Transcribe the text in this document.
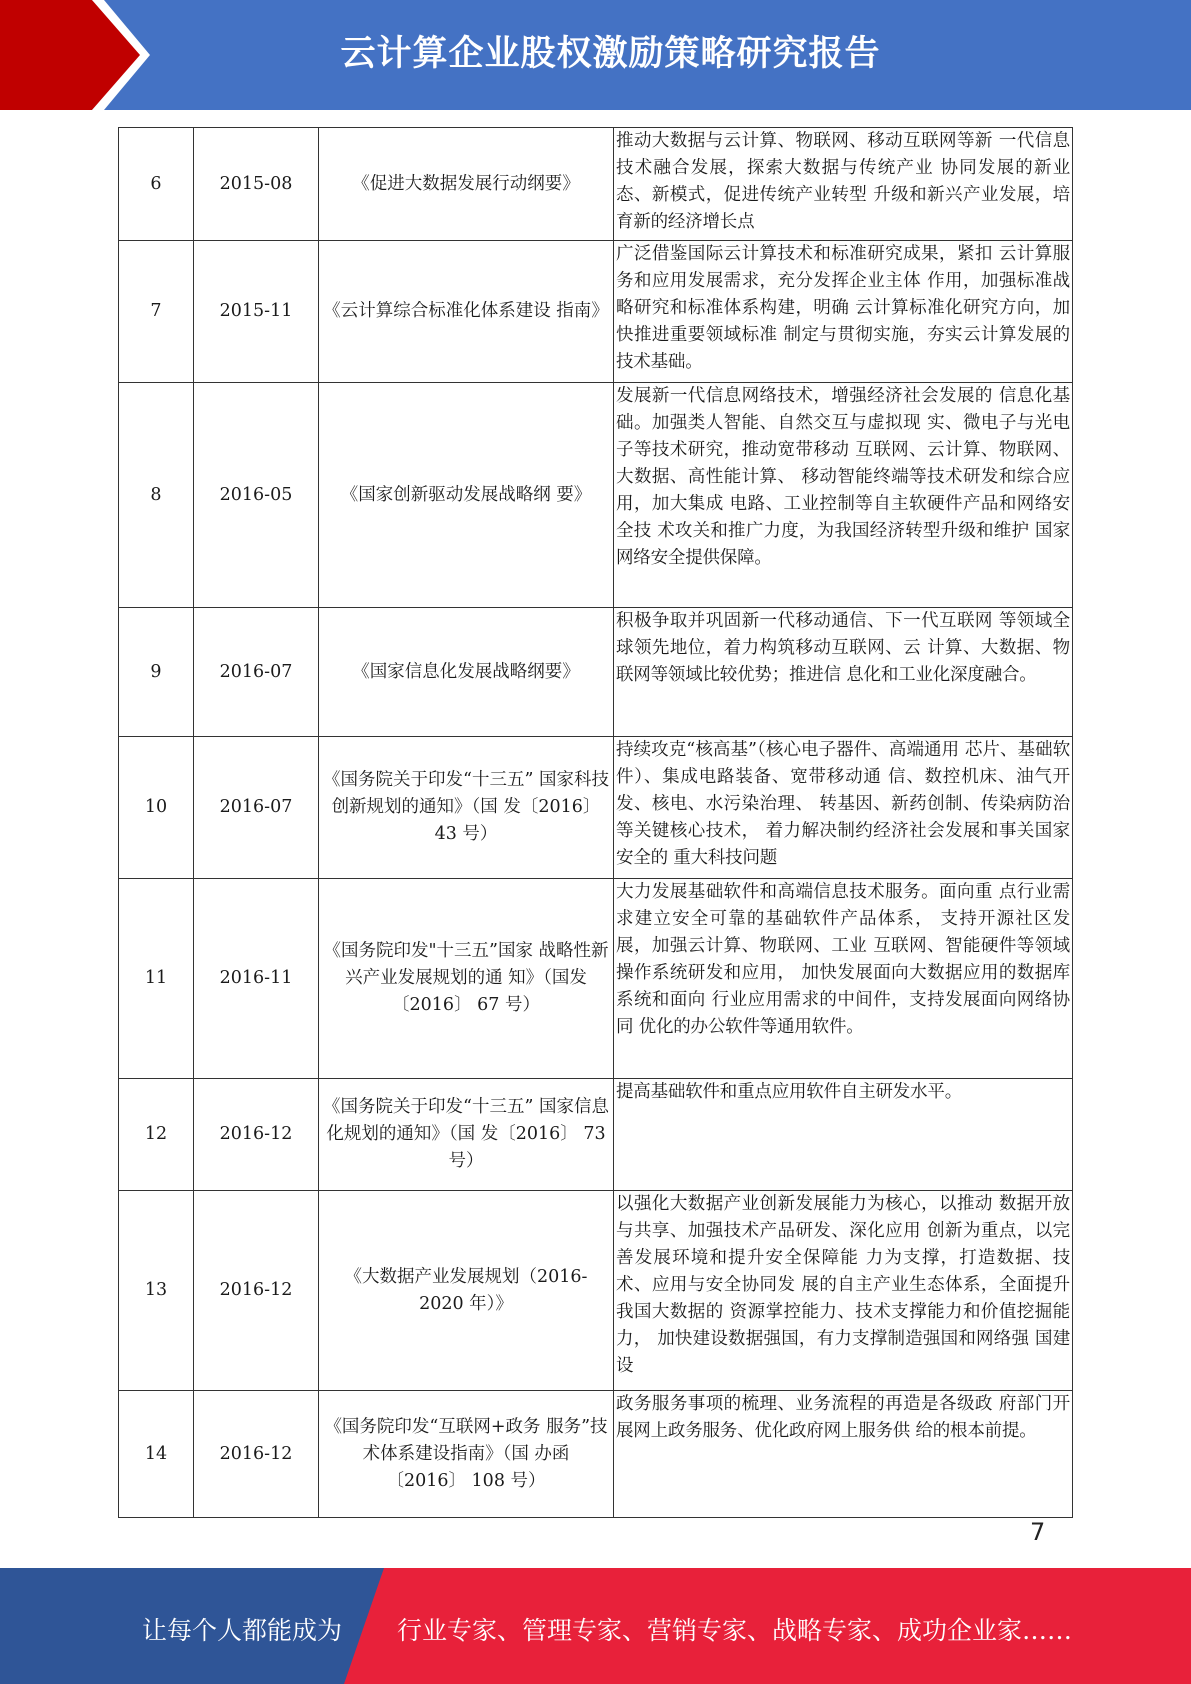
云计算企业股权激励策略研究报告
6	2015-08	《促进大数据发展行动纲要》	推动大数据与云计算、物联网、移动互联网等新 一代信息技术融合发展，探索大数据与传统产业 协同发展的新业态、新模式，促进传统产业转型 升级和新兴产业发展，培育新的经济增长点
7	2015-11	《云计算综合标准化体系建设 指南》	广泛借鉴国际云计算技术和标准研究成果，紧扣 云计算服务和应用发展需求，充分发挥企业主体 作用，加强标准战略研究和标准体系构建，明确 云计算标准化研究方向，加快推进重要领域标准 制定与贯彻实施，夯实云计算发展的技术基础。
8	2016-05	《国家创新驱动发展战略纲 要》	发展新一代信息网络技术，增强经济社会发展的 信息化基础。加强类人智能、自然交互与虚拟现 实、微电子与光电子等技术研究，推动宽带移动 互联网、云计算、物联网、大数据、高性能计算、 移动智能终端等技术研发和综合应用，加大集成 电路、工业控制等自主软硬件产品和网络安全技 术攻关和推广力度，为我国经济转型升级和维护 国家网络安全提供保障。
9	2016-07	《国家信息化发展战略纲要》	积极争取并巩固新一代移动通信、下一代互联网 等领域全球领先地位，着力构筑移动互联网、云 计算、大数据、物联网等领域比较优势；推进信 息化和工业化深度融合。
10	2016-07	《国务院关于印发“十三五” 国家科技创新规划的通知》（国 发〔2016〕 43 号）	持续攻克“核高基”（核心电子器件、高端通用 芯片、基础软件）、集成电路装备、宽带移动通 信、数控机床、油气开发、核电、水污染治理、 转基因、新药创制、传染病防治等关键核心技术， 着力解决制约经济社会发展和事关国家安全的 重大科技问题
11	2016-11	《国务院印发"十三五”国家 战略性新兴产业发展规划的通 知》（国发〔2016〕 67 号）	大力发展基础软件和高端信息技术服务。面向重 点行业需求建立安全可靠的基础软件产品体系， 支持开源社区发展，加强云计算、物联网、工业 互联网、智能硬件等领域操作系统研发和应用， 加快发展面向大数据应用的数据库系统和面向 行业应用需求的中间件，支持发展面向网络协同 优化的办公软件等通用软件。
12	2016-12	《国务院关于印发“十三五” 国家信息化规划的通知》（国 发〔2016〕 73 号）	提高基础软件和重点应用软件自主研发水平。
13	2016-12	《大数据产业发展规划（2016-2020 年）》	以强化大数据产业创新发展能力为核心，以推动 数据开放与共享、加强技术产品研发、深化应用 创新为重点，以完善发展环境和提升安全保障能 力为支撑，打造数据、技术、应用与安全协同发 展的自主产业生态体系，全面提升我国大数据的 资源掌控能力、技术支撑能力和价值挖掘能力， 加快建设数据强国，有力支撑制造强国和网络强 国建设
14	2016-12	《国务院印发“互联网+政务 服务”技术体系建设指南》（国 办函〔2016〕 108 号）	政务服务事项的梳理、业务流程的再造是各级政 府部门开展网上政务服务、优化政府网上服务供 给的根本前提。
7
让每个人都能成为 行业专家、管理专家、营销专家、战略专家、成功企业家……
